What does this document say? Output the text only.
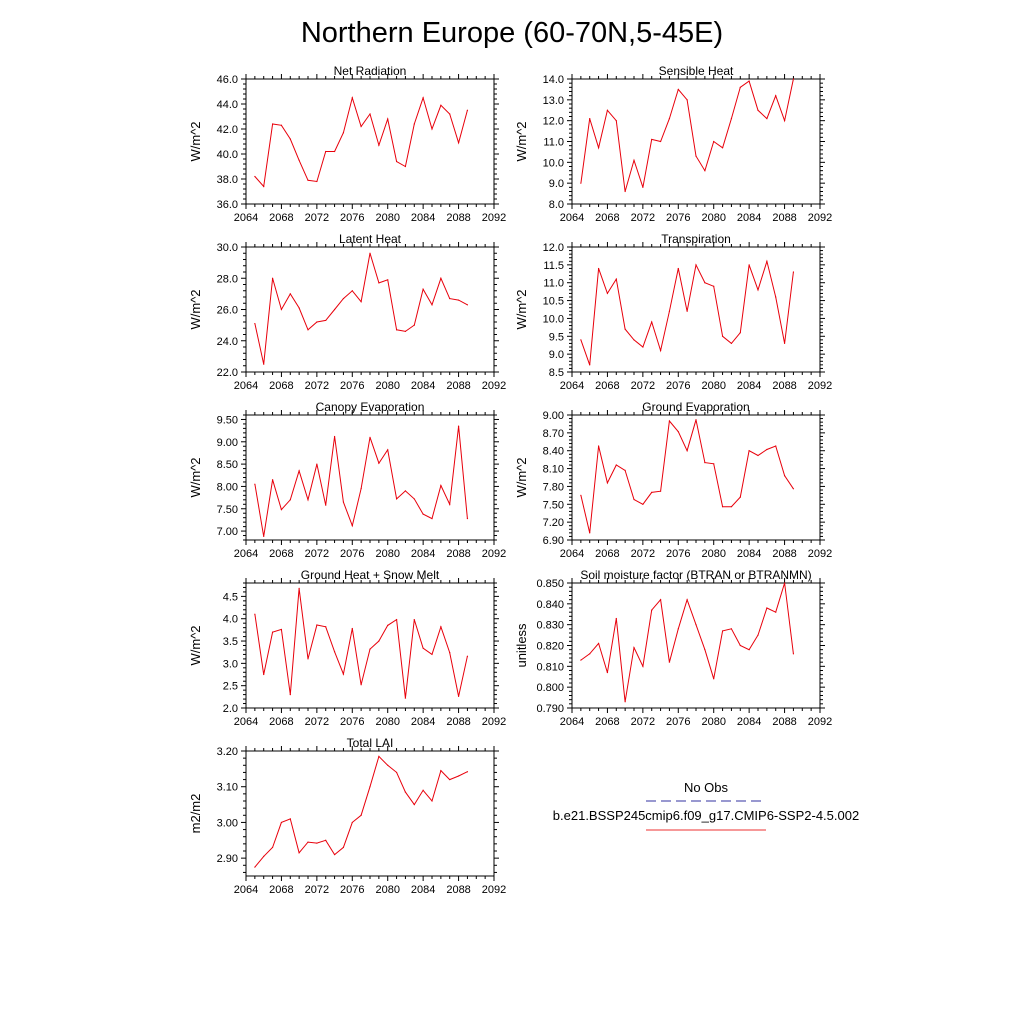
Northern Europe (60-70N,5-45E)
Net Radiation
W/m^2
2064 2068 2072 2076 2080 2084 2088 2092
36.0
38.0
40.0
42.0
44.0
46.0
Sensible Heat
W/m^2
2064 2068 2072 2076 2080 2084 2088 2092
8.0
9.0
10.0
11.0
12.0
13.0
14.0
Latent Heat
W/m^2
2064 2068 2072 2076 2080 2084 2088 2092
22.0
24.0
26.0
28.0
30.0
Transpiration
W/m^2
2064 2068 2072 2076 2080 2084 2088 2092
8.5
9.0
9.5
10.0
10.5
11.0
11.5
12.0
Canopy Evaporation
W/m^2
2064 2068 2072 2076 2080 2084 2088 2092
7.00
7.50
8.00
8.50
9.00
9.50
Ground Evaporation
W/m^2
2064 2068 2072 2076 2080 2084 2088 2092
6.90
7.20
7.50
7.80
8.10
8.40
8.70
9.00
Ground Heat + Snow Melt
W/m^2
2064 2068 2072 2076 2080 2084 2088 2092
2.0
2.5
3.0
3.5
4.0
4.5
Soil moisture factor (BTRAN or BTRANMN)
unitless
2064 2068 2072 2076 2080 2084 2088 2092
0.790
0.800
0.810
0.820
0.830
0.840
0.850
Total LAI
m2/m2
2064 2068 2072 2076 2080 2084 2088 2092
2.90
3.00
3.10
3.20
No Obs
b.e21.BSSP245cmip6.f09_g17.CMIP6-SSP2-4.5.002
